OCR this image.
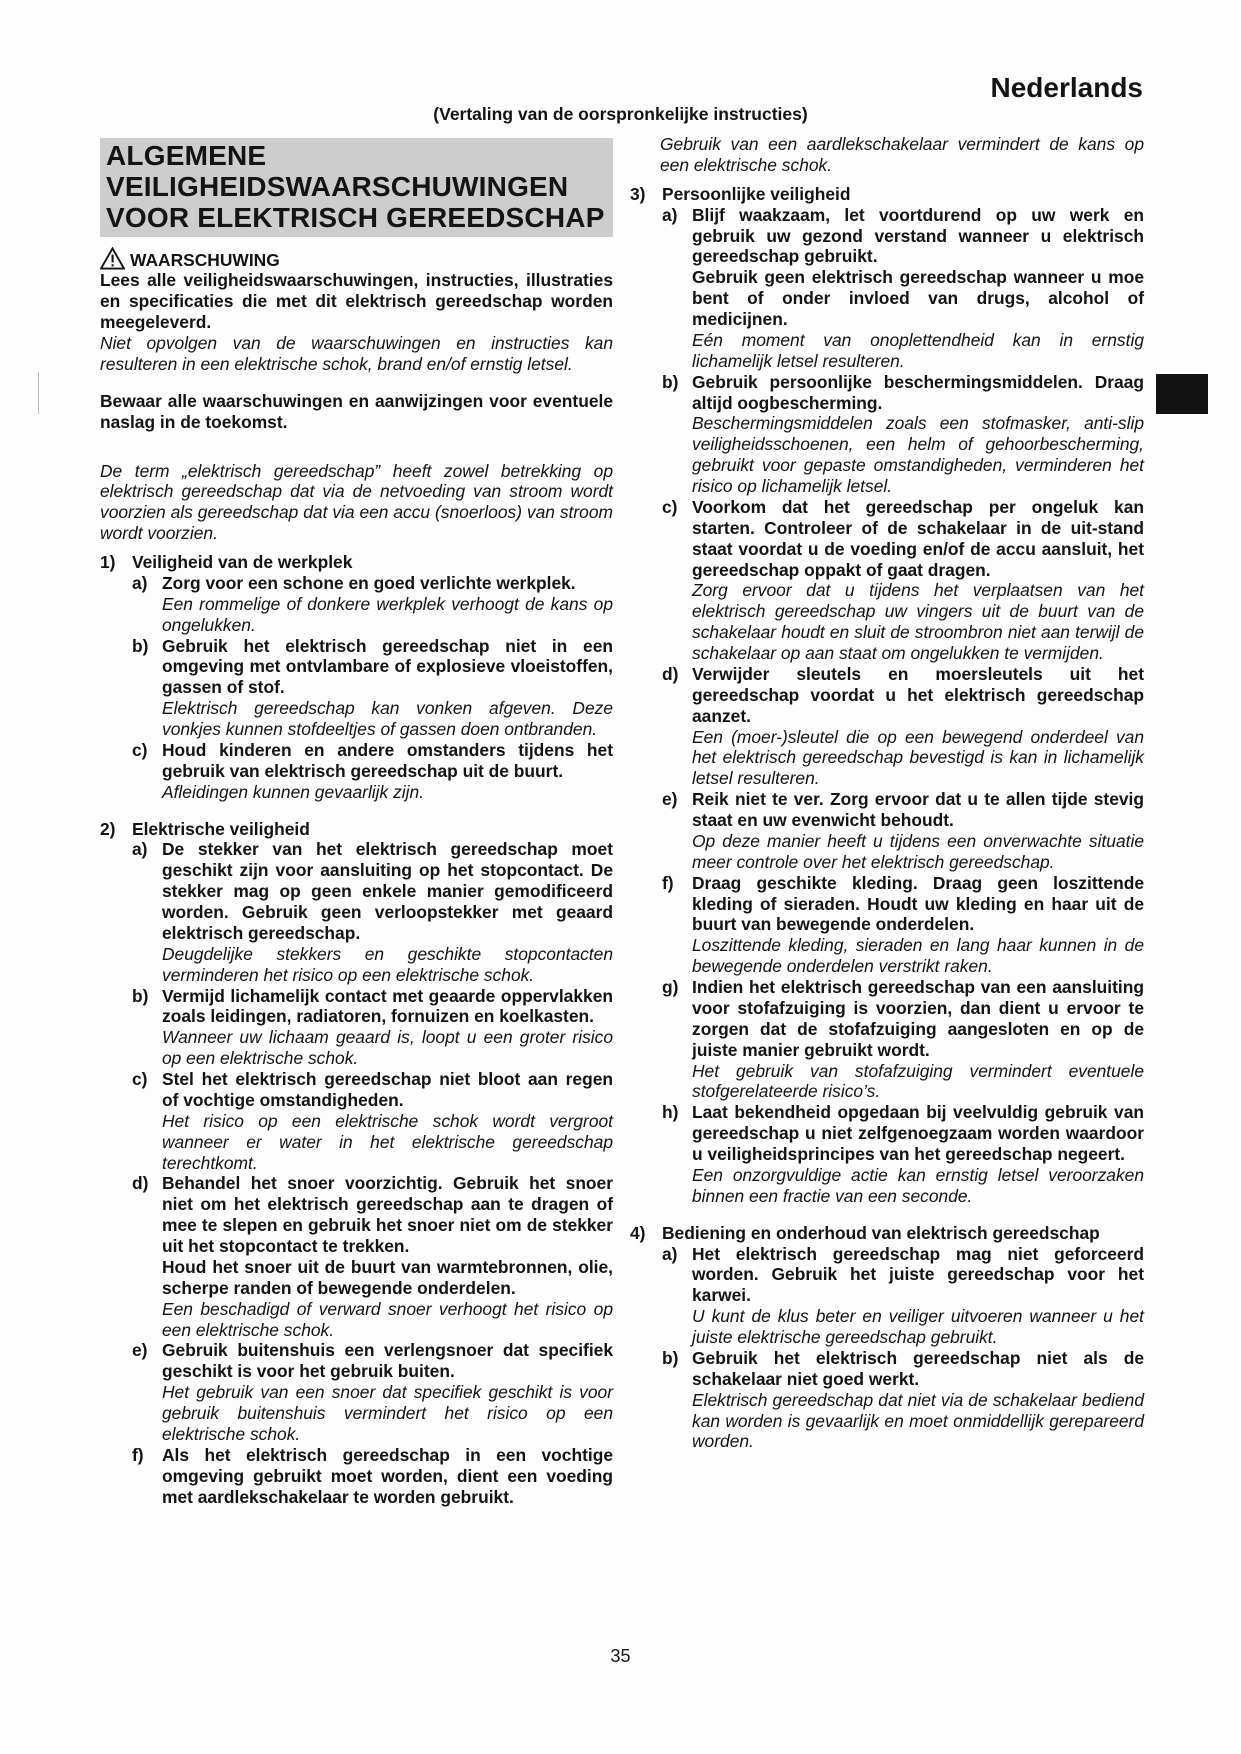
Nederlands
(Vertaling van de oorspronkelijke instructies)
ALGEMENE
VEILIGHEIDSWAARSCHUWINGEN
VOOR ELEKTRISCH GEREEDSCHAP
WAARSCHUWING

Lees alle veiligheidswaarschuwingen, instructies, illustraties en specificaties die met dit elektrisch gereedschap worden meegeleverd.

Niet opvolgen van de waarschuwingen en instructies kan resulteren in een elektrische schok, brand en/of ernstig letsel.

Bewaar alle waarschuwingen en aanwijzingen voor eventuele naslag in de toekomst.

De term „elektrisch gereedschap” heeft zowel betrekking op elektrisch gereedschap dat via de netvoeding van stroom wordt voorzien als gereedschap dat via een accu (snoerloos) van stroom wordt voorzien.

1) Veiligheid van de werkplek
a) Zorg voor een schone en goed verlichte werkplek.

Een rommelige of donkere werkplek verhoogt de kans op ongelukken.

b) Gebruik het elektrisch gereedschap niet in een omgeving met ontvlambare of explosieve vloeistoffen, gassen of stof.

Elektrisch gereedschap kan vonken afgeven. Deze vonkjes kunnen stofdeeltjes of gassen doen ontbranden.

c) Houd kinderen en andere omstanders tijdens het gebruik van elektrisch gereedschap uit de buurt.

Afleidingen kunnen gevaarlijk zijn.

2) Elektrische veiligheid
a) De stekker van het elektrisch gereedschap moet geschikt zijn voor aansluiting op het stopcontact. De stekker mag op geen enkele manier gemodificeerd worden. Gebruik geen verloopstekker met geaard elektrisch gereedschap.

Deugdelijke stekkers en geschikte stopcontacten verminderen het risico op een elektrische schok.

b) Vermijd lichamelijk contact met geaarde oppervlakken zoals leidingen, radiatoren, fornuizen en koelkasten.

Wanneer uw lichaam geaard is, loopt u een groter risico op een elektrische schok.

c) Stel het elektrisch gereedschap niet bloot aan regen of vochtige omstandigheden.

Het risico op een elektrische schok wordt vergroot wanneer er water in het elektrische gereedschap terechtkomt.

d) Behandel het snoer voorzichtig. Gebruik het snoer niet om het elektrisch gereedschap aan te dragen of mee te slepen en gebruik het snoer niet om de stekker uit het stopcontact te trekken.

Houd het snoer uit de buurt van warmtebronnen, olie, scherpe randen of bewegende onderdelen.

Een beschadigd of verward snoer verhoogt het risico op een elektrische schok.

e) Gebruik buitenshuis een verlengsnoer dat specifiek geschikt is voor het gebruik buiten.

Het gebruik van een snoer dat specifiek geschikt is voor gebruik buitenshuis vermindert het risico op een elektrische schok.

f)	Als het elektrisch gereedschap in een vochtige omgeving gebruikt moet worden, dient een voeding met aardlekschakelaar te worden gebruikt.

Gebruik van een aardlekschakelaar vermindert de kans op een elektrische schok.

3) Persoonlijke veiligheid
a) Blijf waakzaam, let voortdurend op uw werk en gebruik uw gezond verstand wanneer u elektrisch gereedschap gebruikt.

Gebruik geen elektrisch gereedschap wanneer u moe bent of onder invloed van drugs, alcohol of medicijnen.

Eén moment van onoplettendheid kan in ernstig lichamelijk letsel resulteren.

b) Gebruik persoonlijke beschermingsmiddelen. Draag altijd oogbescherming.

Beschermingsmiddelen zoals een stofmasker, anti-slip veiligheidsschoenen, een helm of gehoorbescherming, gebruikt voor gepaste omstandigheden, verminderen het risico op lichamelijk letsel.

c) Voorkom dat het gereedschap per ongeluk kan starten. Controleer of de schakelaar in de uit-stand staat voordat u de voeding en/of de accu aansluit, het gereedschap oppakt of gaat dragen.

Zorg ervoor dat u tijdens het verplaatsen van het elektrisch gereedschap uw vingers uit de buurt van de schakelaar houdt en sluit de stroombron niet aan terwijl de schakelaar op aan staat om ongelukken te vermijden.

d) Verwijder sleutels en moersleutels uit het gereedschap voordat u het elektrisch gereedschap aanzet.

Een (moer-)sleutel die op een bewegend onderdeel van het elektrisch gereedschap bevestigd is kan in lichamelijk letsel resulteren.

e) Reik niet te ver. Zorg ervoor dat u te allen tijde stevig staat en uw evenwicht behoudt.

Op deze manier heeft u tijdens een onverwachte situatie meer controle over het elektrisch gereedschap.

f)	Draag geschikte kleding. Draag geen loszittende kleding of sieraden. Houdt uw kleding en haar uit de buurt van bewegende onderdelen.

Loszittende kleding, sieraden en lang haar kunnen in de bewegende onderdelen verstrikt raken.

g) Indien het elektrisch gereedschap van een aansluiting voor stofafzuiging is voorzien, dan dient u ervoor te zorgen dat de stofafzuiging aangesloten en op de juiste manier gebruikt wordt.

Het gebruik van stofafzuiging vermindert eventuele stofgerelateerde risico’s.

h) Laat bekendheid opgedaan bij veelvuldig gebruik van gereedschap u niet zelfgenoegzaam worden waardoor u veiligheidsprincipes van het gereedschap negeert.

Een onzorgvuldige actie kan ernstig letsel veroorzaken binnen een fractie van een seconde.

4) Bediening en onderhoud van elektrisch gereedschap
a) Het elektrisch gereedschap mag niet geforceerd worden. Gebruik het juiste gereedschap voor het karwei.

U kunt de klus beter en veiliger uitvoeren wanneer u het juiste elektrische gereedschap gebruikt.

b) Gebruik het elektrisch gereedschap niet als de schakelaar niet goed werkt.

Elektrisch gereedschap dat niet via de schakelaar bediend kan worden is gevaarlijk en moet onmiddellijk gerepareerd worden.

35
